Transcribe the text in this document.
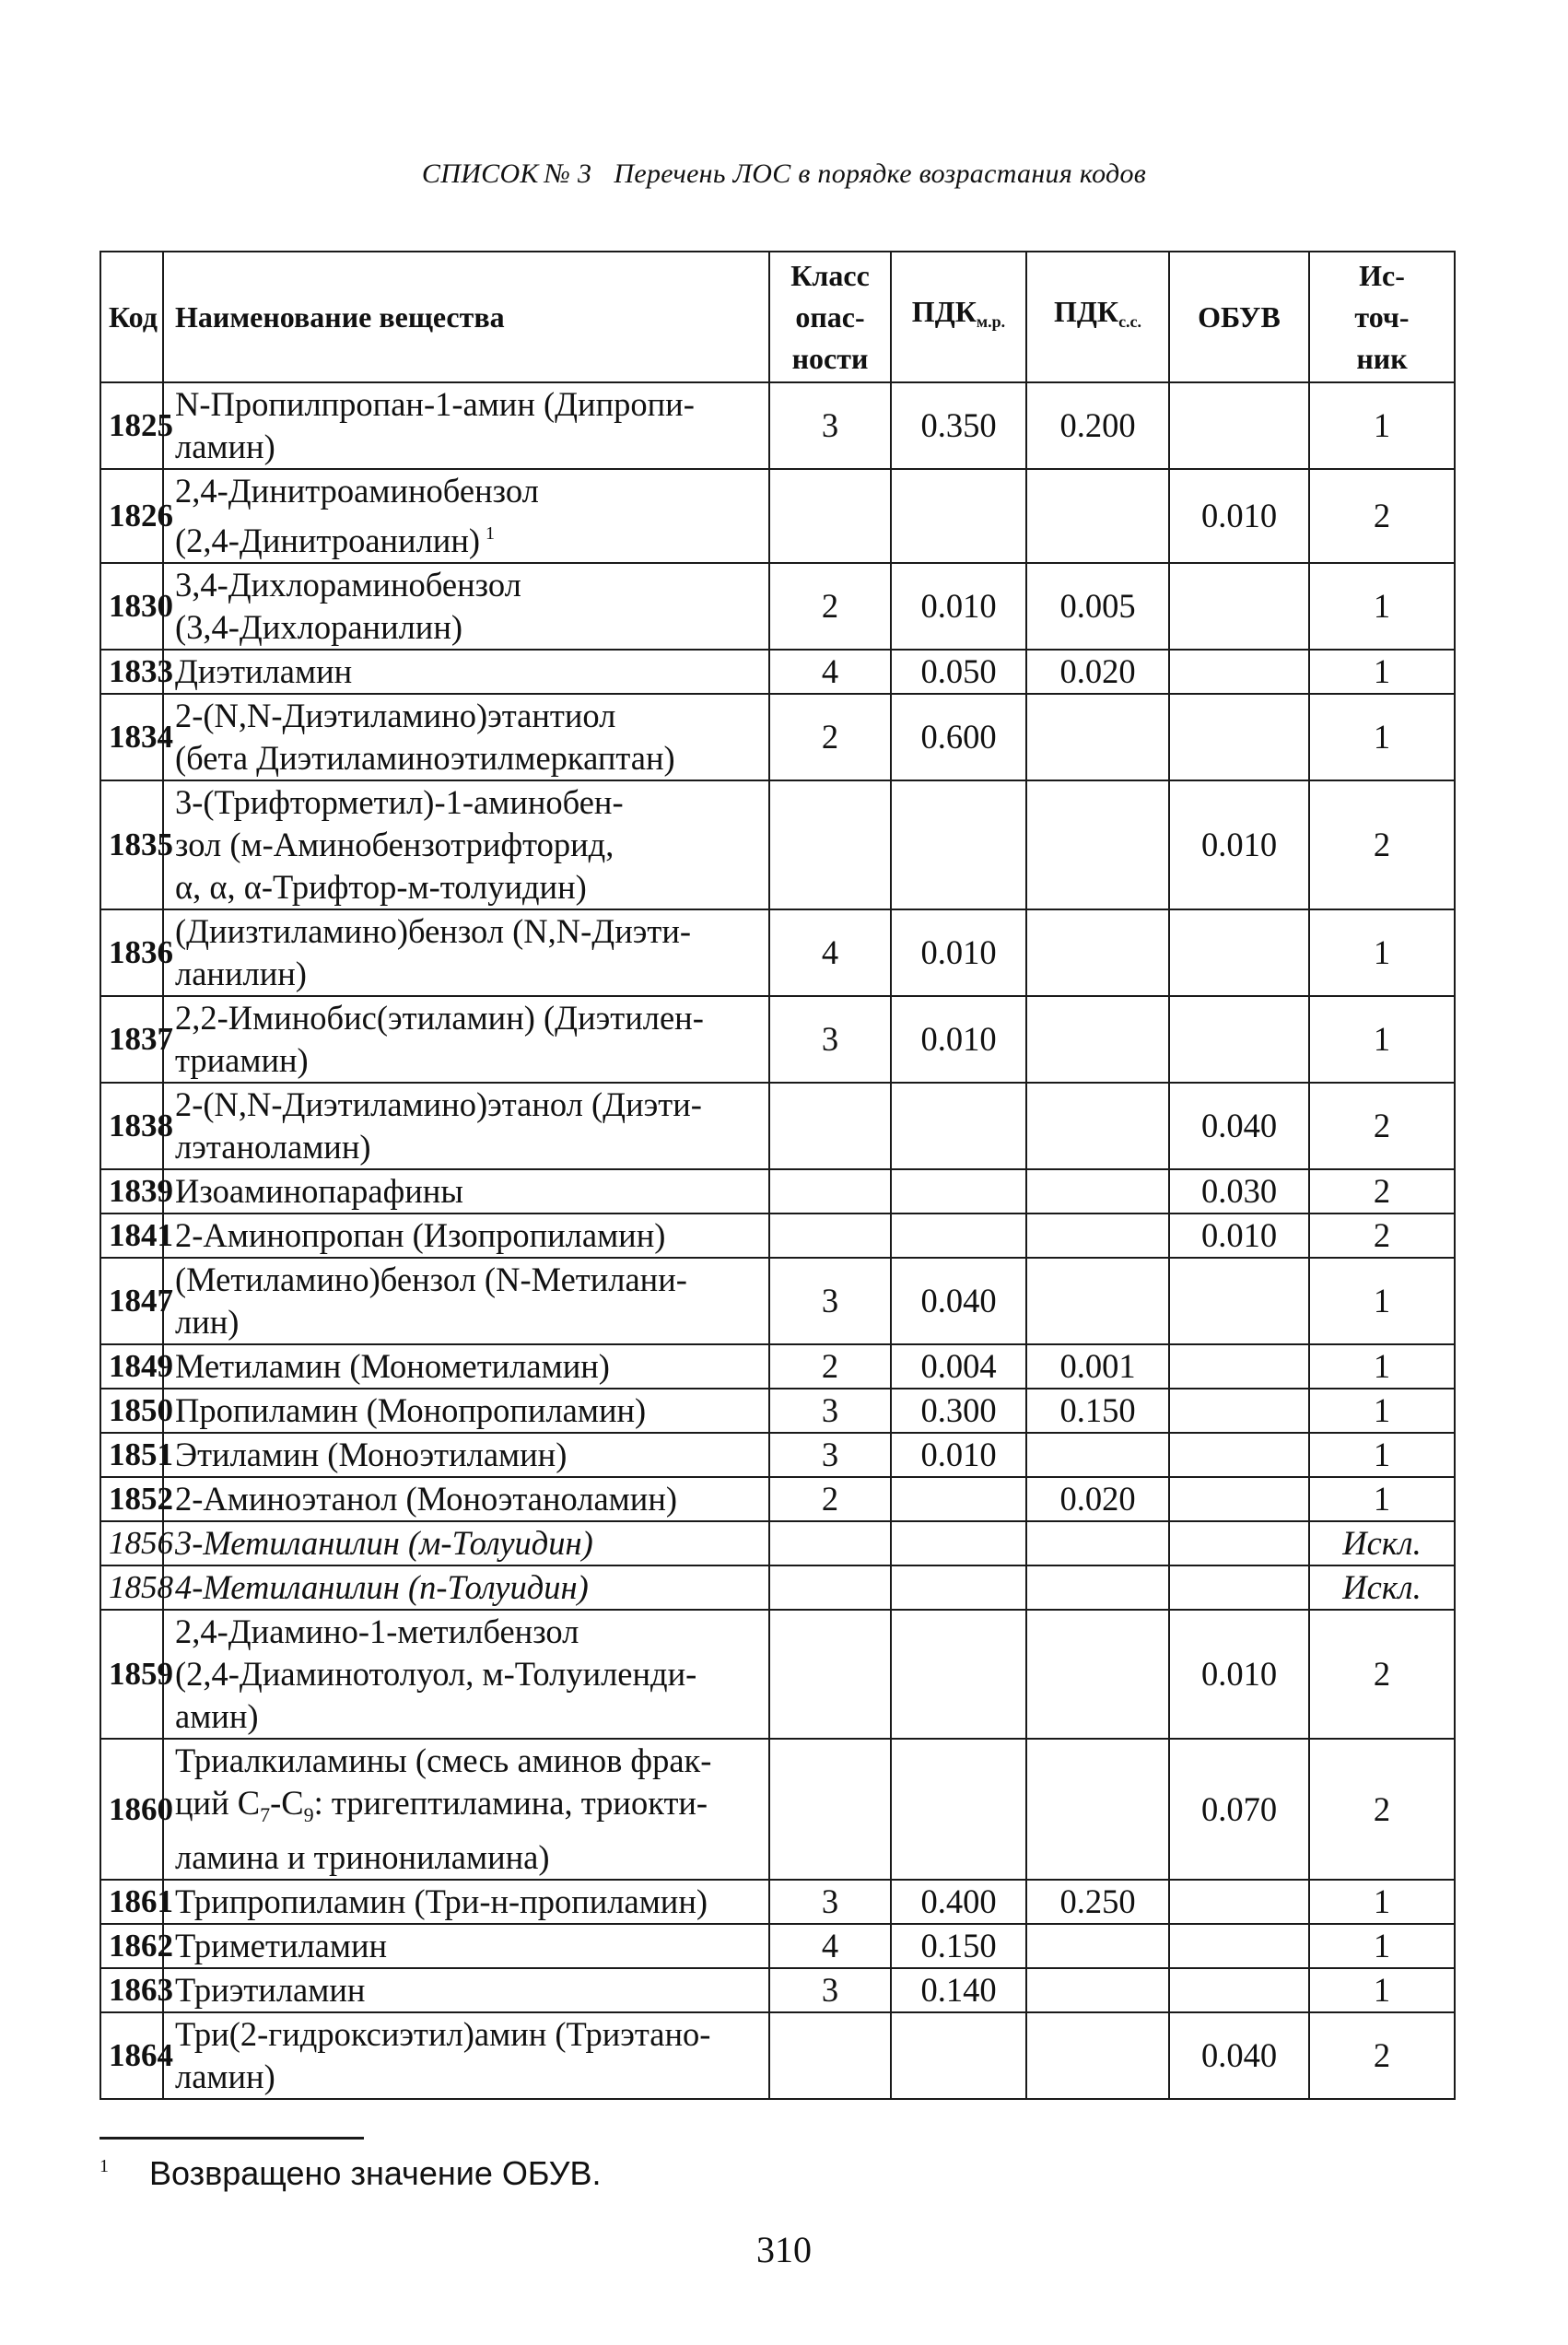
СПИСОК № 3 Перечень ЛОС в порядке возрастания кодов
Код	Наименование вещества	Класс
опас-
ности	$ПДК_{м.р.}$	$ПДК_{с.с.}$	ОБУВ	Ис-
точ-
ник
1825	N-Пропилпропан-1-амин (Дипропи-
ламин)	3	0.350	0.200		1
1826	2,4-Динитроаминобензол
(2,4-Динитроанилин) $^1$				0.010	2
1830	3,4-Дихлораминобензол
(3,4-Дихлоранилин)	2	0.010	0.005		1
1833	Диэтиламин	4	0.050	0.020		1
1834	2-(N,N-Диэтиламино)этантиол
(бета Диэтиламиноэтилмеркаптан)	2	0.600			1
1835	3-(Трифторметил)-1-аминобен-
зол (м-Аминобензотрифторид,
α, α, α-Трифтор-м-толуидин)				0.010	2
1836	(Диизтиламино)бензол (N,N-Диэти-
ланилин)	4	0.010			1
1837	2,2-Иминобис(этиламин) (Диэтилен-
триамин)	3	0.010			1
1838	2-(N,N-Диэтиламино)этанол (Диэти-
лэтаноламин)				0.040	2
1839	Изоаминопарафины				0.030	2
1841	2-Аминопропан (Изопропиламин)				0.010	2
1847	(Метиламино)бензол (N-Метилани-
лин)	3	0.040			1
1849	Метиламин (Монометиламин)	2	0.004	0.001		1
1850	Пропиламин (Монопропиламин)	3	0.300	0.150		1
1851	Этиламин (Моноэтиламин)	3	0.010			1
1852	2-Аминоэтанол (Моноэтаноламин)	2		0.020		1
1856	3-Метиланилин (м-Толуидин)					Искл.
1858	4-Метиланилин (п-Толуидин)					Искл.
1859	2,4-Диамино-1-метилбензол
(2,4-Диаминотолуол, м-Толуиленди-
амин)				0.010	2
1860	Триалкиламины (смесь аминов фрак-
ций $С_7-С_9$: тригептиламина, триокти-
ламина и тринониламина)				0.070	2
1861	Трипропиламин (Три-н-пропиламин)	3	0.400	0.250		1
1862	Триметиламин	4	0.150			1
1863	Триэтиламин	3	0.140			1
1864	Три(2-гидроксиэтил)амин (Триэтано-
ламин)				0.040	2
$^1$ Возвращено значение ОБУВ.
310
